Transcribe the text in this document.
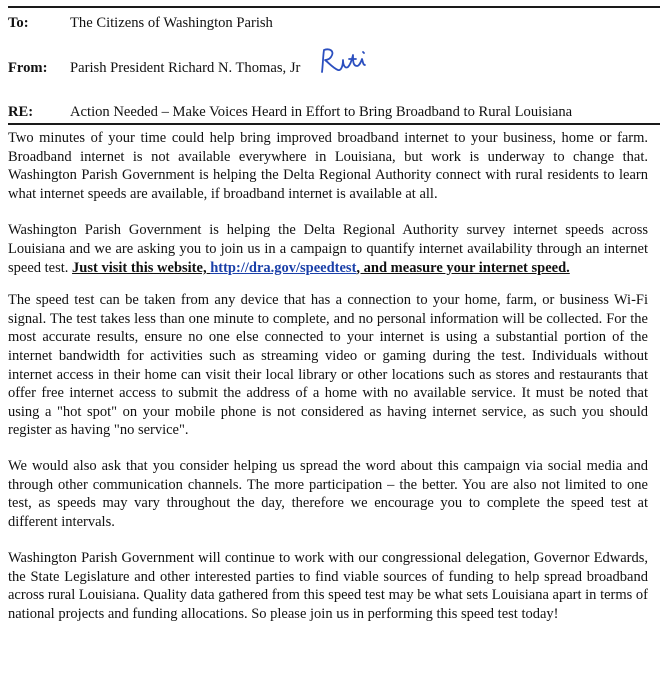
To:	The Citizens of Washington Parish
From: Parish President Richard N. Thomas, Jr
RE:	Action Needed – Make Voices Heard in Effort to Bring Broadband to Rural Louisiana

Two minutes of your time could help bring improved broadband internet to your business, home or farm. Broadband internet is not available everywhere in Louisiana, but work is underway to change that. Washington Parish Government is helping the Delta Regional Authority connect with rural residents to learn what internet speeds are available, if broadband internet is available at all.

Washington Parish Government is helping the Delta Regional Authority survey internet speeds across Louisiana and we are asking you to join us in a campaign to quantify internet availability through an internet speed test. Just visit this website, http://dra.gov/speedtest, and measure your internet speed.

The speed test can be taken from any device that has a connection to your home, farm, or business Wi-Fi signal. The test takes less than one minute to complete, and no personal information will be collected. For the most accurate results, ensure no one else connected to your internet is using a substantial portion of the internet bandwidth for activities such as streaming video or gaming during the test. Individuals without internet access in their home can visit their local library or other locations such as stores and restaurants that offer free internet access to submit the address of a home with no available service. It must be noted that using a "hot spot" on your mobile phone is not considered as having internet service, as such you should register as having "no service".

We would also ask that you consider helping us spread the word about this campaign via social media and through other communication channels. The more participation – the better. You are also not limited to one test, as speeds may vary throughout the day, therefore we encourage you to complete the speed test at different intervals.

Washington Parish Government will continue to work with our congressional delegation, Governor Edwards, the State Legislature and other interested parties to find viable sources of funding to help spread broadband across rural Louisiana. Quality data gathered from this speed test may be what sets Louisiana apart in terms of national projects and funding allocations. So please join us in performing this speed test today!
